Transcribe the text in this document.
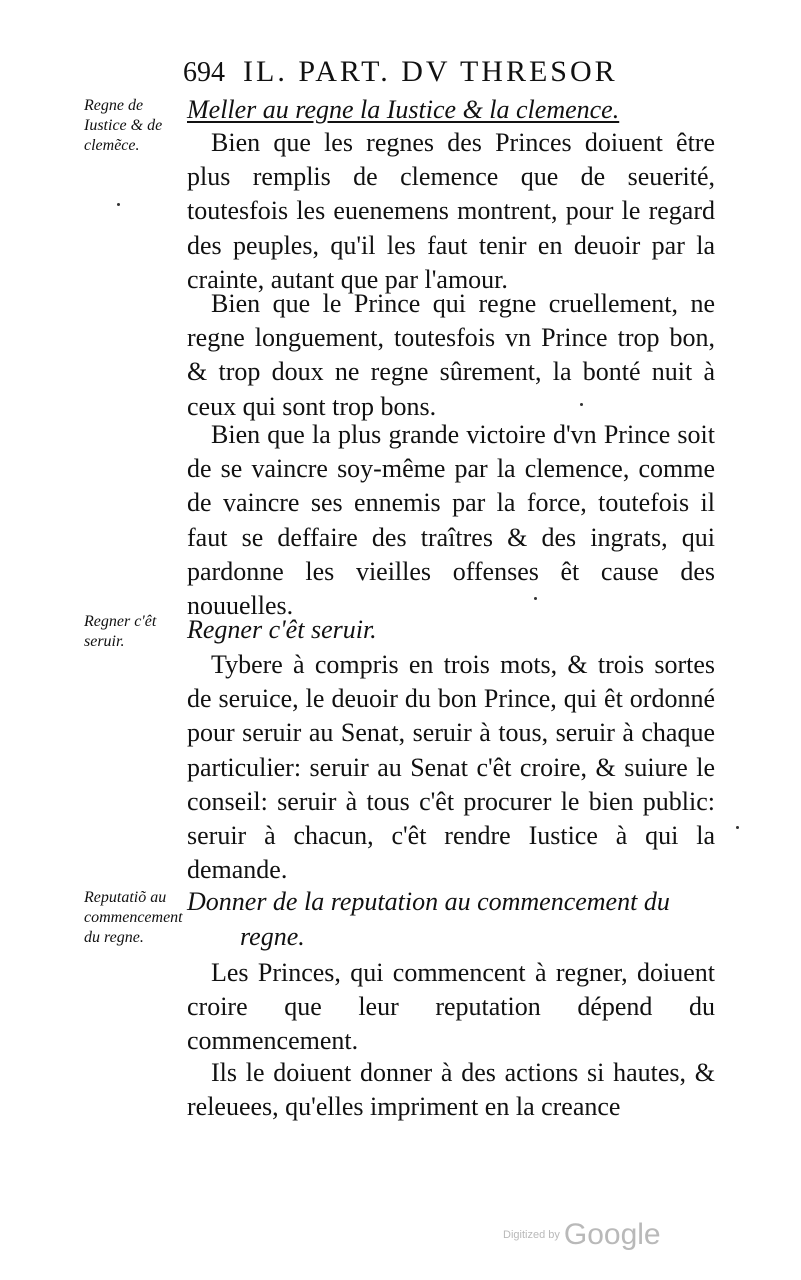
694 IL. PART. DV THRESOR
Regne de Iustice & de clemẽce.
Regner c'êt seruir.
Reputatiõ au commencement du regne.
Meller au regne la Iustice & la clemence.
Bien que les regnes des Princes doiuent être plus remplis de clemence que de seuerité, toutesfois les euenemens montrent, pour le regard des peuples, qu'il les faut tenir en deuoir par la crainte, autant que par l'amour.
Bien que le Prince qui regne cruellement, ne regne longuement, toutesfois vn Prince trop bon, & trop doux ne regne sûrement, la bonté nuit à ceux qui sont trop bons.
Bien que la plus grande victoire d'vn Prince soit de se vaincre soy-même par la clemence, comme de vaincre ses ennemis par la force, toutefois il faut se deffaire des traîtres & des ingrats, qui pardonne les vieilles offenses êt cause des nouuelles.
Regner c'êt seruir.
Tybere à compris en trois mots, & trois sortes de seruice, le deuoir du bon Prince, qui êt ordonné pour seruir au Senat, seruir à tous, seruir à chaque particulier: seruir au Senat c'êt croire, & suiure le conseil: seruir à tous c'êt procurer le bien public: seruir à chacun, c'êt rendre Iustice à qui la demande.
Donner de la reputation au commencement du
regne.
Les Princes, qui commencent à regner, doiuent croire que leur reputation dépend du commencement.
Ils le doiuent donner à des actions si hautes, & releuees, qu'elles impriment en la creance
Digitized by Google
